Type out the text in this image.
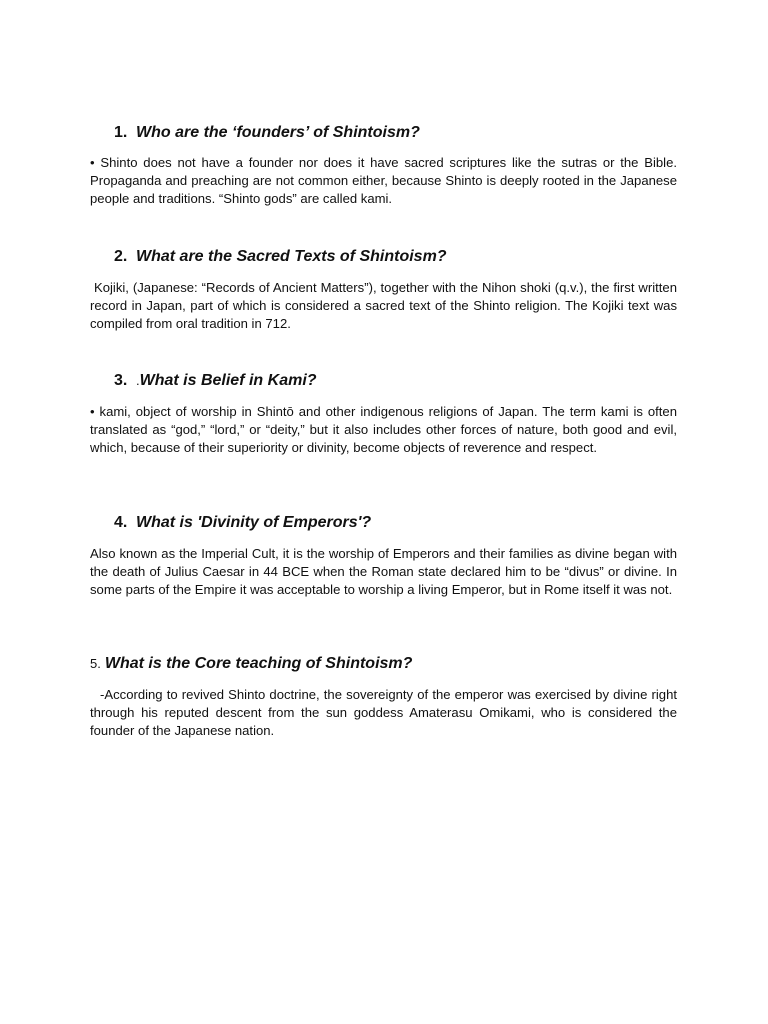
1. Who are the ‘founders’ of Shintoism?

• Shinto does not have a founder nor does it have sacred scriptures like the sutras or the Bible. Propaganda and preaching are not common either, because Shinto is deeply rooted in the Japanese people and traditions. “Shinto gods” are called kami.

2. What are the Sacred Texts of Shintoism?

Kojiki, (Japanese: “Records of Ancient Matters”), together with the Nihon shoki (q.v.), the first written record in Japan, part of which is considered a sacred text of the Shinto religion. The Kojiki text was compiled from oral tradition in 712.

3. .What is Belief in Kami?

• kami, object of worship in Shintō and other indigenous religions of Japan. The term kami is often translated as “god,” “lord,” or “deity,” but it also includes other forces of nature, both good and evil, which, because of their superiority or divinity, become objects of reverence and respect.

4. What is 'Divinity of Emperors'?

Also known as the Imperial Cult, it is the worship of Emperors and their families as divine began with the death of Julius Caesar in 44 BCE when the Roman state declared him to be “divus” or divine. In some parts of the Empire it was acceptable to worship a living Emperor, but in Rome itself it was not.

5. What is the Core teaching of Shintoism?

-According to revived Shinto doctrine, the sovereignty of the emperor was exercised by divine right through his reputed descent from the sun goddess Amaterasu Omikami, who is considered the founder of the Japanese nation.
